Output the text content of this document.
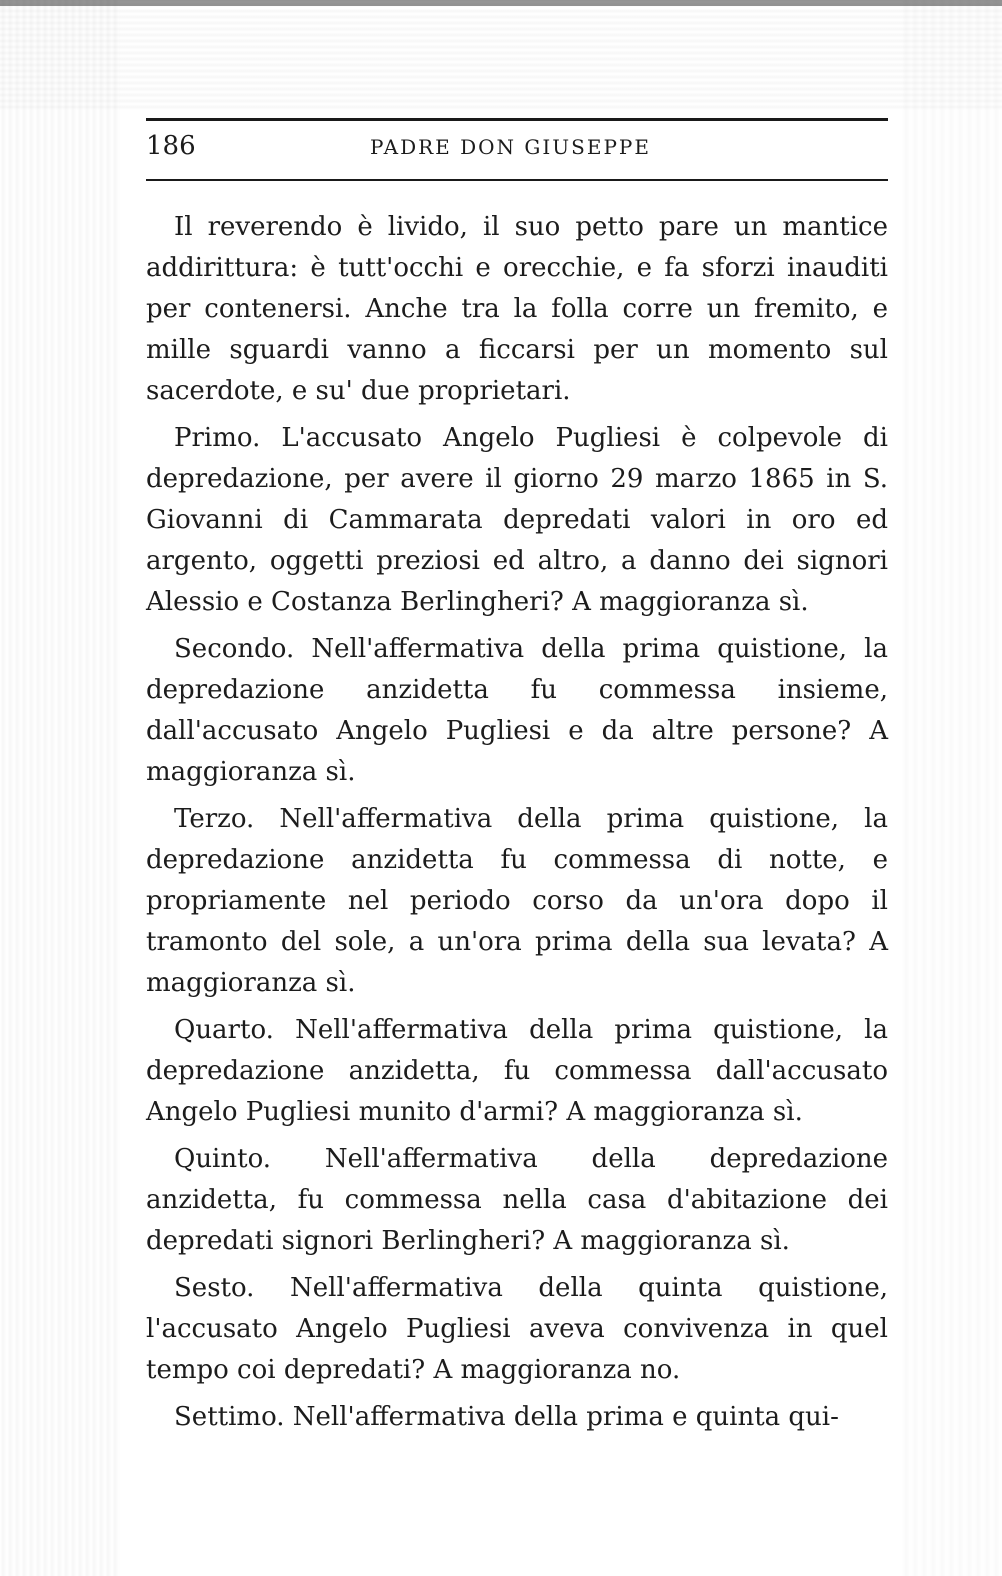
186	PADRE DON GIUSEPPE

Il reverendo è livido, il suo petto pare un mantice addirittura: è tutt'occhi e orecchie, e fa sforzi inauditi per contenersi. Anche tra la folla corre un fremito, e mille sguardi vanno a ficcarsi per un momento sul sacerdote, e su' due proprietari.

Primo. L'accusato Angelo Pugliesi è colpevole di depredazione, per avere il giorno 29 marzo 1865 in S. Giovanni di Cammarata depredati valori in oro ed argento, oggetti preziosi ed altro, a danno dei signori Alessio e Costanza Berlingheri? A maggioranza sì.

Secondo. Nell'affermativa della prima quistione, la depredazione anzidetta fu commessa insieme, dall'accusato Angelo Pugliesi e da altre persone? A maggioranza sì.

Terzo. Nell'affermativa della prima quistione, la depredazione anzidetta fu commessa di notte, e propriamente nel periodo corso da un'ora dopo il tramonto del sole, a un'ora prima della sua levata? A maggioranza sì.

Quarto. Nell'affermativa della prima quistione, la depredazione anzidetta, fu commessa dall'accusato Angelo Pugliesi munito d'armi? A maggioranza sì.

Quinto. Nell'affermativa della depredazione anzidetta, fu commessa nella casa d'abitazione dei depredati signori Berlingheri? A maggioranza sì.

Sesto. Nell'affermativa della quinta quistione, l'accusato Angelo Pugliesi aveva convivenza in quel tempo coi depredati? A maggioranza no.

Settimo. Nell'affermativa della prima e quinta qui-
